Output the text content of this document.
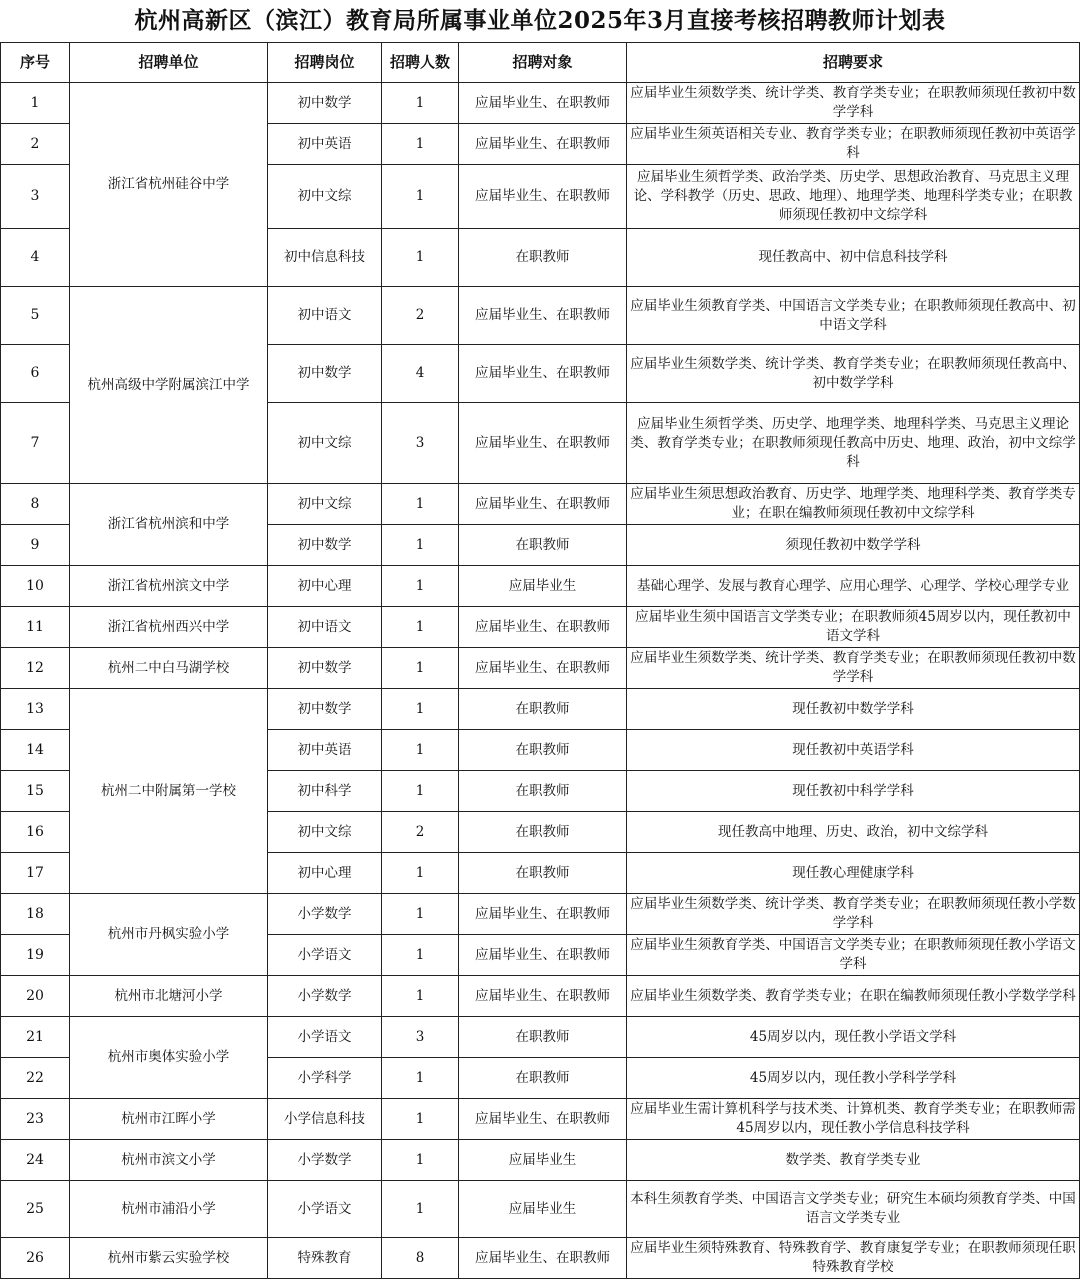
杭州高新区（滨江）教育局所属事业单位2025年3月直接考核招聘教师计划表
序号	招聘单位	招聘岗位	招聘人数	招聘对象	招聘要求
1	浙江省杭州硅谷中学	初中数学	1	应届毕业生、在职教师	应届毕业生须数学类、统计学类、教育学类专业；在职教师须现任教初中数学学科
2		初中英语	1	应届毕业生、在职教师	应届毕业生须英语相关专业、教育学类专业；在职教师须现任教初中英语学科
3		初中文综	1	应届毕业生、在职教师	应届毕业生须哲学类、政治学类、历史学、思想政治教育、马克思主义理论、学科教学（历史、思政、地理）、地理学类、地理科学类专业；在职教师须现任教初中文综学科
4		初中信息科技	1	在职教师	现任教高中、初中信息科技学科
5	杭州高级中学附属滨江中学	初中语文	2	应届毕业生、在职教师	应届毕业生须教育学类、中国语言文学类专业；在职教师须现任教高中、初中语文学科
6		初中数学	4	应届毕业生、在职教师	应届毕业生须数学类、统计学类、教育学类专业；在职教师须现任教高中、初中数学学科
7		初中文综	3	应届毕业生、在职教师	应届毕业生须哲学类、历史学、地理学类、地理科学类、马克思主义理论类、教育学类专业；在职教师须现任教高中历史、地理、政治，初中文综学科
8	浙江省杭州滨和中学	初中文综	1	应届毕业生、在职教师	应届毕业生须思想政治教育、历史学、地理学类、地理科学类、教育学类专业；在职在编教师须现任教初中文综学科
9		初中数学	1	在职教师	须现任教初中数学学科
10	浙江省杭州滨文中学	初中心理	1	应届毕业生	基础心理学、发展与教育心理学、应用心理学、心理学、学校心理学专业
11	浙江省杭州西兴中学	初中语文	1	应届毕业生、在职教师	应届毕业生须中国语言文学类专业；在职教师须45周岁以内，现任教初中语文学科
12	杭州二中白马湖学校	初中数学	1	应届毕业生、在职教师	应届毕业生须数学类、统计学类、教育学类专业；在职教师须现任教初中数学学科
13	杭州二中附属第一学校	初中数学	1	在职教师	现任教初中数学学科
14		初中英语	1	在职教师	现任教初中英语学科
15		初中科学	1	在职教师	现任教初中科学学科
16		初中文综	2	在职教师	现任教高中地理、历史、政治，初中文综学科
17		初中心理	1	在职教师	现任教心理健康学科
18	杭州市丹枫实验小学	小学数学	1	应届毕业生、在职教师	应届毕业生须数学类、统计学类、教育学类专业；在职教师须现任教小学数学学科
19		小学语文	1	应届毕业生、在职教师	应届毕业生须教育学类、中国语言文学类专业；在职教师须现任教小学语文学科
20	杭州市北塘河小学	小学数学	1	应届毕业生、在职教师	应届毕业生须数学类、教育学类专业；在职在编教师须现任教小学数学学科
21	杭州市奥体实验小学	小学语文	3	在职教师	45周岁以内，现任教小学语文学科
22		小学科学	1	在职教师	45周岁以内，现任教小学科学学科
23	杭州市江晖小学	小学信息科技	1	应届毕业生、在职教师	应届毕业生需计算机科学与技术类、计算机类、教育学类专业；在职教师需45周岁以内，现任教小学信息科技学科
24	杭州市滨文小学	小学数学	1	应届毕业生	数学类、教育学类专业
25	杭州市浦沿小学	小学语文	1	应届毕业生	本科生须教育学类、中国语言文学类专业；研究生本硕均须教育学类、中国语言文学类专业
26	杭州市紫云实验学校	特殊教育	8	应届毕业生、在职教师	应届毕业生须特殊教育、特殊教育学、教育康复学专业；在职教师须现任职特殊教育学校
